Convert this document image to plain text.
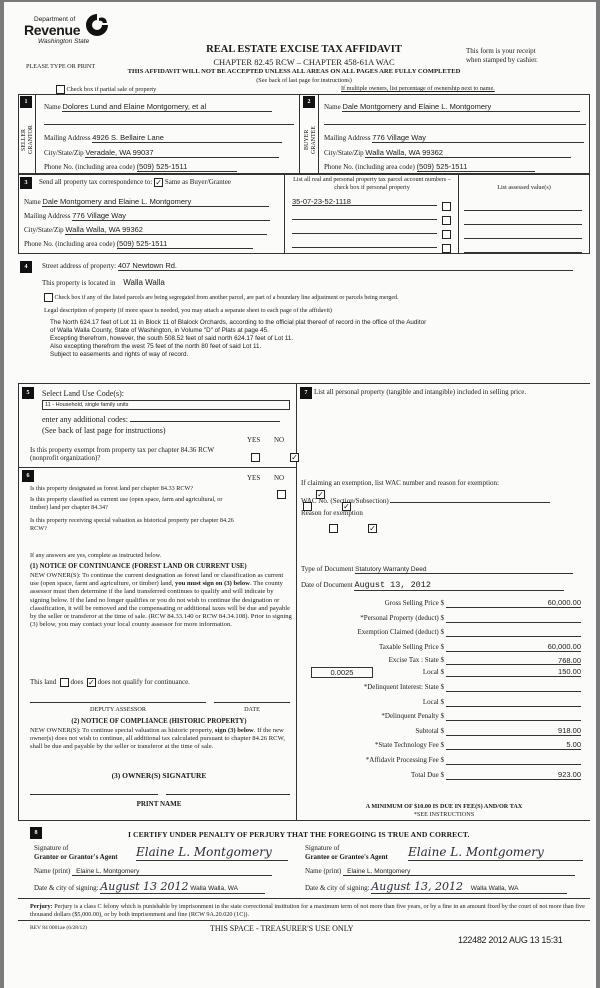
Department of
Revenue
Washington State
PLEASE TYPE OR PRINT
REAL ESTATE EXCISE TAX AFFIDAVIT
CHAPTER 82.45 RCW – CHAPTER 458-61A WAC
This form is your receipt
when stamped by cashier.
THIS AFFIDAVIT WILL NOT BE ACCEPTED UNLESS ALL AREAS ON ALL PAGES ARE FULLY COMPLETED
(See back of last page for instructions)
Check box if partial sale of property	If multiple owners, list percentage of ownership next to name.
1
SELLER
GRANTOR
Name Dolores Lund and Elaine Montgomery, et al
Mailing Address 4926 S. Bellaire Lane
City/State/Zip Veradale, WA 99037
Phone No. (including area code) (509) 525-1511
2
BUYER
GRANTEE
Name Dale Montgomery and Elaine L. Montgomery
Mailing Address 776 Village Way
City/State/Zip Walla Walla, WA 99362
Phone No. (including area code) (509) 525-1511
3	Send all property tax correspondence to: ✓ Same as Buyer/Grantee
Name Dale Montgomery and Elaine L. Montgomery
Mailing Address 776 Village Way
City/State/Zip Walla Walla, WA 99362
Phone No. (including area code) (509) 525-1511
List all real and personal property tax parcel account numbers – check box if personal property	List assessed value(s)
35-07-23-52-1118
4	Street address of property: 407 Newtown Rd.
This property is located in Walla Walla
Check box if any of the listed parcels are being segregated from another parcel, are part of a boundary line adjustment or parcels being merged.
Legal description of property (if more space is needed, you may attach a separate sheet to each page of the affidavit)
The North 624.17 feet of Lot 11 in Block 11 of Blalock Orchards, according to the official plat thereof of record in the office of the Auditor
of Walla Walla County, State of Washington, in Volume "D" of Plats at page 45.
Excepting therefrom, however, the south 508.52 feet of said north 624.17 feet of Lot 11.
Also excepting therefrom the west 75 feet of the north 80 feet of said Lot 11.
Subject to easements and rights of way of record.
5	Select Land Use Code(s):
11 - Household, single family units
enter any additional codes:
(See back of last page for instructions)
YES NO
Is this property exempt from property tax per chapter 84.36 RCW (nonprofit organization)?
✓
6	YES NO
Is this property designated as forest land per chapter 84.33 RCW?
✓
Is this property classified as current use (open space, farm and agricultural, or timber) land per chapter 84.34?
✓
Is this property receiving special valuation as historical property per chapter 84.26 RCW?
✓
If any answers are yes, complete as instructed below.
(1) NOTICE OF CONTINUANCE (FOREST LAND OR CURRENT USE)
NEW OWNER(S): To continue the current designation as forest land or classification as current use (open space, farm and agriculture, or timber) land, you must sign on (3) below. The county assessor must then determine if the land transferred continues to qualify and will indicate by signing below. If the land no longer qualifies or you do not wish to continue the designation or classification, it will be removed and the compensating or additional taxes will be due and payable by the seller or transferor at the time of sale. (RCW 84.33.140 or RCW 84.34.108). Prior to signing (3) below, you may contact your local county assessor for more information.
This land does ✓ does not qualify for continuance.
DEPUTY ASSESSOR	DATE
(2) NOTICE OF COMPLIANCE (HISTORIC PROPERTY)
NEW OWNER(S): To continue special valuation as historic property, sign (3) below. If the new owner(s) does not wish to continue, all additional tax calculated pursuant to chapter 84.26 RCW, shall be due and payable by the seller or transferor at the time of sale.
(3) OWNER(S) SIGNATURE
PRINT NAME
7 List all personal property (tangible and intangible) included in selling price.
If claiming an exemption, list WAC number and reason for exemption:
WAC No. (Section/Subsection)
Reason for exemption
Type of Document Statutory Warranty Deed
Date of Document August 13, 2012
Gross Selling Price $	60,000.00
*Personal Property (deduct) $
Exemption Claimed (deduct) $
Taxable Selling Price $	60,000.00
Excise Tax : State $	768.00
0.0025	Local $	150.00
*Delinquent Interest: State $
Local $
*Delinquent Penalty $
Subtotal $	918.00
*State Technology Fee $	5.00
*Affidavit Processing Fee $
Total Due $	923.00
A MINIMUM OF $10.00 IS DUE IN FEE(S) AND/OR TAX
*SEE INSTRUCTIONS
8	I CERTIFY UNDER PENALTY OF PERJURY THAT THE FOREGOING IS TRUE AND CORRECT.
Signature of
Grantor or Grantor's Agent Elaine L. Montgomery
Name (print) Elaine L. Montgomery
Date & city of signing: August 13 2012 Walla Walla, WA
Signature of
Grantee or Grantee's Agent Elaine L. Montgomery
Name (print) Elaine L. Montgomery
Date & city of signing: August 13, 2012 Walla Walla, WA
Perjury: Perjury is a class C felony which is punishable by imprisonment in the state correctional institution for a maximum term of not more than five years, or by a fine in an amount fixed by the court of not more than five thousand dollars ($5,000.00), or by both imprisonment and fine (RCW 9A.20.020 (1C)).
REV 84 0001ae (6/28/12)	THIS SPACE - TREASURER'S USE ONLY
122482 2012 AUG 13 15:31
